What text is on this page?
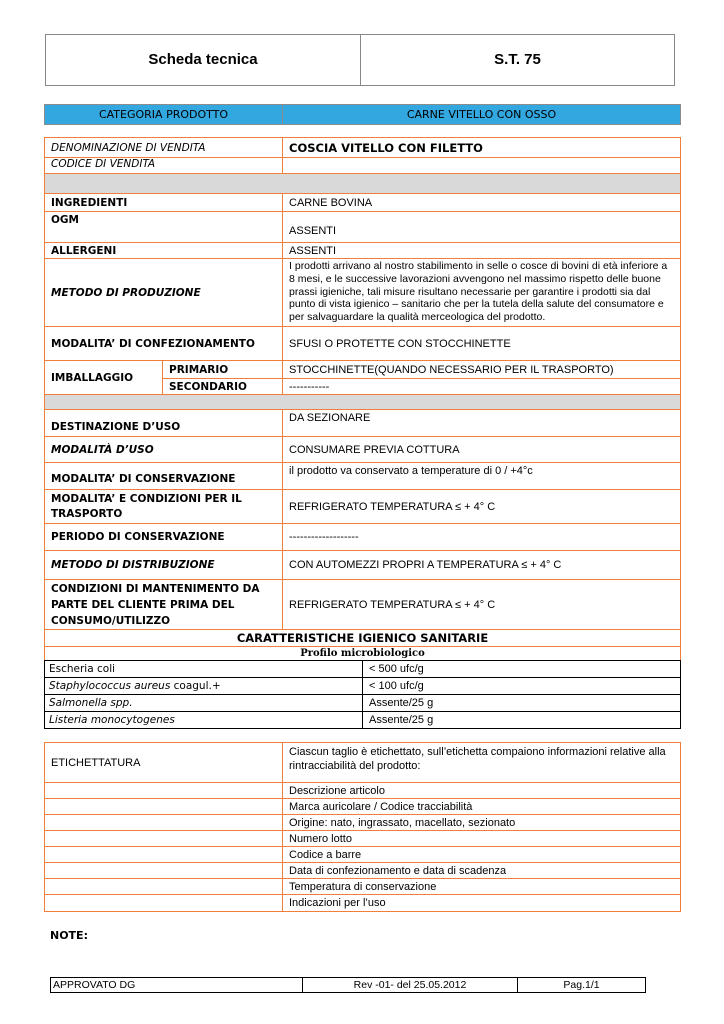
Scheda tecnica	S.T. 75
CATEGORIA PRODOTTO	CARNE VITELLO CON OSSO
DENOMINAZIONE DI VENDITA		COSCIA VITELLO CON FILETTO
CODICE DI VENDITA		

INGREDIENTI		CARNE BOVINA
OGM		ASSENTI
ALLERGENI		ASSENTI
METODO DI PRODUZIONE		I prodotti arrivano al nostro stabilimento in selle o cosce di bovini di età inferiore a 8 mesi, e le successive lavorazioni avvengono nel massimo rispetto delle buone prassi igieniche, tali misure risultano necessarie per garantire i prodotti sia dal punto di vista igienico – sanitario che per la tutela della salute del consumatore e per salvaguardare la qualità merceologica del prodotto.
MODALITA’ DI CONFEZIONAMENTO		SFUSI O PROTETTE CON STOCCHINETTE
IMBALLAGGIO	PRIMARIO	STOCCHINETTE(QUANDO NECESSARIO PER IL TRASPORTO)
	SECONDARIO	-----------

DESTINAZIONE D’USO		DA SEZIONARE
MODALITÀ D’USO		CONSUMARE PREVIA COTTURA
MODALITA’ DI CONSERVAZIONE		il prodotto va conservato a temperature di 0 / +4°c
MODALITA’ E CONDIZIONI PER IL TRASPORTO		REFRIGERATO TEMPERATURA ≤ + 4° C
PERIODO DI CONSERVAZIONE		-------------------
METODO DI DISTRIBUZIONE		CON AUTOMEZZI PROPRI A TEMPERATURA ≤ + 4° C
CONDIZIONI DI MANTENIMENTO DA PARTE DEL CLIENTE PRIMA DEL CONSUMO/UTILIZZO		REFRIGERATO TEMPERATURA ≤ + 4° C
CARATTERISTICHE IGIENICO SANITARIE		
Profilo microbiologico		
Escheria coli	< 500 ufc/g
Staphylococcus aureus coagul.+	< 100 ufc/g
Salmonella spp.	Assente/25 g
Listeria monocytogenes	Assente/25 g
ETICHETTATURA	Ciascun taglio è etichettato, sull’etichetta compaiono informazioni relative alla rintracciabilità del prodotto:
	Descrizione articolo
	Marca auricolare / Codice tracciabilità
	Origine: nato, ingrassato, macellato, sezionato
	Numero lotto
	Codice a barre
	Data di confezionamento e data di scadenza
	Temperatura di conservazione
	Indicazioni per l’uso
NOTE:
APPROVATO DG	Rev -01- del 25.05.2012	Pag.1/1
